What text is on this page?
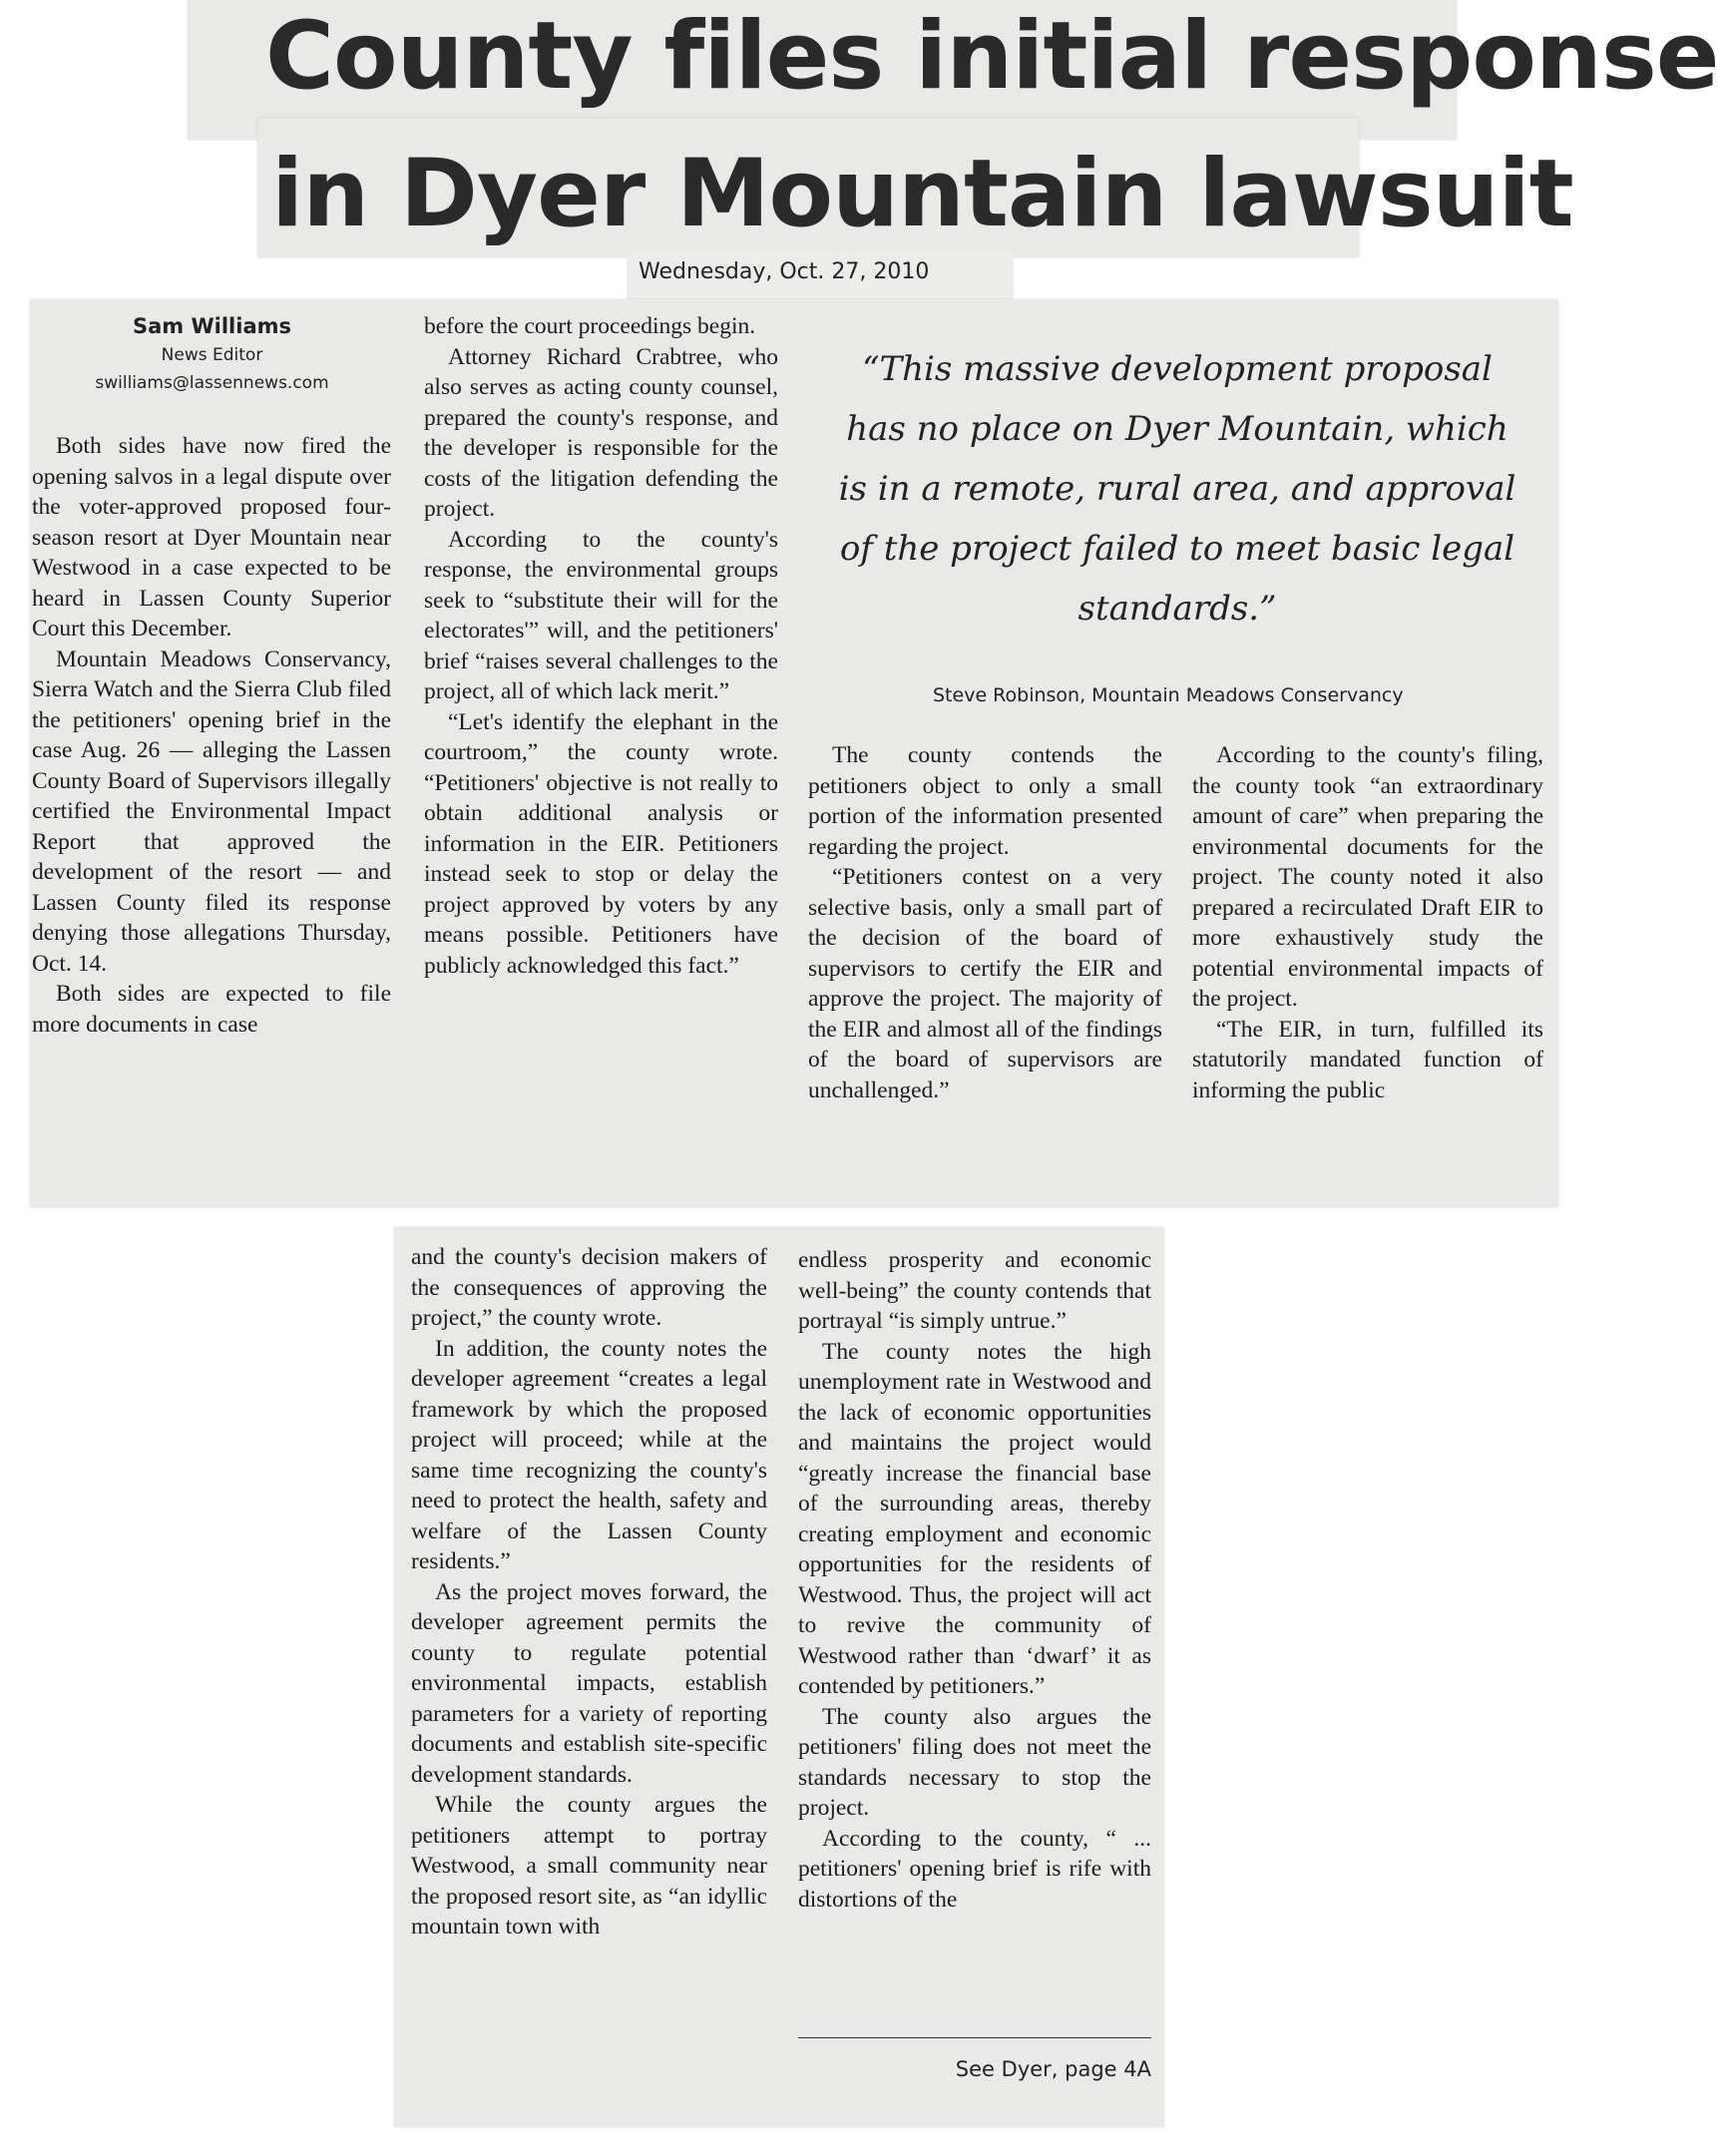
County files initial response
in Dyer Mountain lawsuit
Wednesday, Oct. 27, 2010
Sam Williams
News Editor
swilliams@lassennews.com

Both sides have now fired the opening salvos in a legal dispute over the voter-approved proposed four-season resort at Dyer Mountain near Westwood in a case expected to be heard in Lassen County Superior Court this December.

Mountain Meadows Conservancy, Sierra Watch and the Sierra Club filed the petitioners' opening brief in the case Aug. 26 — alleging the Lassen County Board of Supervisors illegally certified the Environmental Impact Report that approved the development of the resort — and Lassen County filed its response denying those allegations Thursday, Oct. 14.

Both sides are expected to file more documents in case

before the court proceedings begin.

Attorney Richard Crabtree, who also serves as acting county counsel, prepared the county's response, and the developer is responsible for the costs of the litigation defending the project.

According to the county's response, the environmental groups seek to “substitute their will for the electorates'” will, and the petitioners' brief “raises several challenges to the project, all of which lack merit.”

“Let's identify the elephant in the courtroom,” the county wrote. “Petitioners' objective is not really to obtain additional analysis or information in the EIR. Petitioners instead seek to stop or delay the project approved by voters by any means possible. Petitioners have publicly acknowledged this fact.”

“This massive development proposal has no place on Dyer Mountain, which is in a remote, rural area, and approval of the project failed to meet basic legal standards.”
Steve Robinson, Mountain Meadows Conservancy

The county contends the petitioners object to only a small portion of the information presented regarding the project.

“Petitioners contest on a very selective basis, only a small part of the decision of the board of supervisors to certify the EIR and approve the project. The majority of the EIR and almost all of the findings of the board of supervisors are unchallenged.”

According to the county's filing, the county took “an extraordinary amount of care” when preparing the environmental documents for the project. The county noted it also prepared a recirculated Draft EIR to more exhaustively study the potential environmental impacts of the project.

“The EIR, in turn, fulfilled its statutorily mandated function of informing the public

and the county's decision makers of the consequences of approving the project,” the county wrote.

In addition, the county notes the developer agreement “creates a legal framework by which the proposed project will proceed; while at the same time recognizing the county's need to protect the health, safety and welfare of the Lassen County residents.”

As the project moves forward, the developer agreement permits the county to regulate potential environmental impacts, establish parameters for a variety of reporting documents and establish site-specific development standards.

While the county argues the petitioners attempt to portray Westwood, a small community near the proposed resort site, as “an idyllic mountain town with

endless prosperity and economic well-being” the county contends that portrayal “is simply untrue.”

The county notes the high unemployment rate in Westwood and the lack of economic opportunities and maintains the project would “greatly increase the financial base of the surrounding areas, thereby creating employment and economic opportunities for the residents of Westwood. Thus, the project will act to revive the community of Westwood rather than ‘dwarf’ it as contended by petitioners.”

The county also argues the petitioners' filing does not meet the standards necessary to stop the project.

According to the county, “ ... petitioners' opening brief is rife with distortions of the

See Dyer, page 4A
